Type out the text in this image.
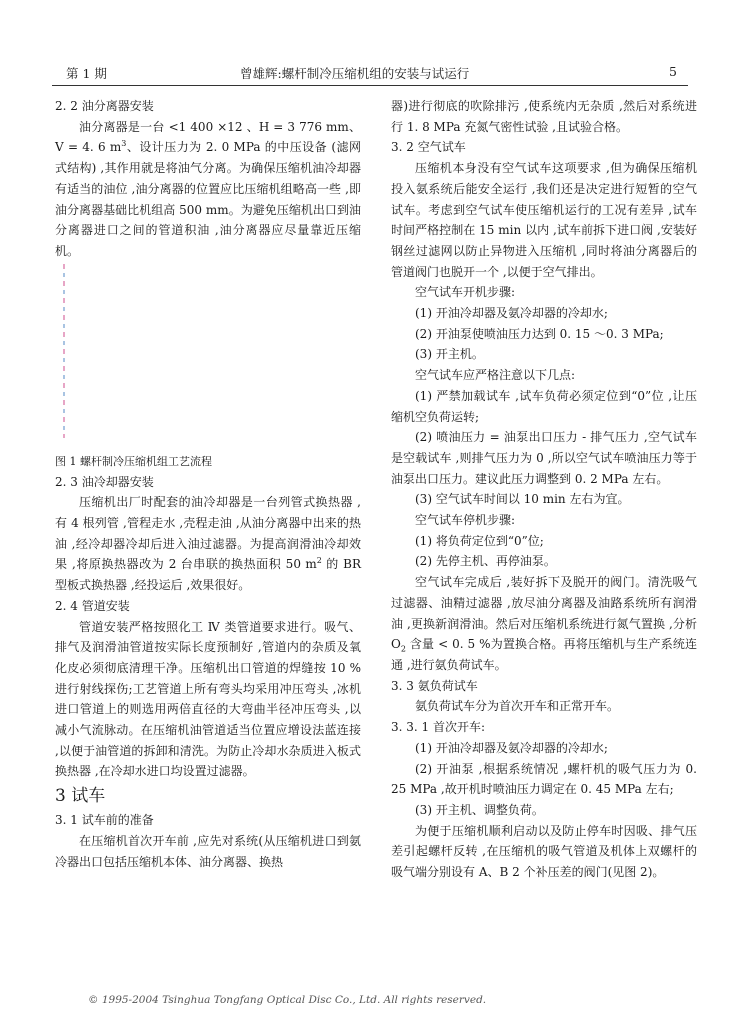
第 1 期	曾雄辉:螺杆制冷压缩机组的安装与试运行	5

2. 2 油分离器安装

油分离器是一台 <1 400 ×12 、H = 3 776 mm、V = 4. 6 $m^3$、设计压力为 2. 0 MPa 的中压设备 (滤网式结构) ,其作用就是将油气分离。为确保压缩机油冷却器有适当的油位 ,油分离器的位置应比压缩机组略高一些 ,即油分离器基础比机组高 500 mm。为避免压缩机出口到油分离器进口之间的管道积油 ,油分离器应尽量靠近压缩机。

图 1 螺杆制冷压缩机组工艺流程

2. 3 油冷却器安装

压缩机出厂时配套的油冷却器是一台列管式换热器 ,有 4 根列管 ,管程走水 ,壳程走油 ,从油分离器中出来的热油 ,经冷却器冷却后进入油过滤器。为提高润滑油冷却效果 ,将原换热器改为 2 台串联的换热面积 50 $m^2$ 的 BR 型板式换热器 ,经投运后 ,效果很好。

2. 4 管道安装

管道安装严格按照化工 Ⅳ 类管道要求进行。吸气、排气及润滑油管道按实际长度预制好 ,管道内的杂质及氧化皮必须彻底清理干净。压缩机出口管道的焊缝按 10 %进行射线探伤;工艺管道上所有弯头均采用冲压弯头 ,冰机进口管道上的则选用两倍直径的大弯曲半径冲压弯头 ,以减小气流脉动。在压缩机油管道适当位置应增设法蓝连接 ,以便于油管道的拆卸和清洗。为防止冷却水杂质进入板式换热器 ,在冷却水进口均设置过滤器。

3 试车

3. 1 试车前的准备

在压缩机首次开车前 ,应先对系统(从压缩机进口到氨冷器出口包括压缩机本体、油分离器、换热

器)进行彻底的吹除排污 ,使系统内无杂质 ,然后对系统进行 1. 8 MPa 充氮气密性试验 ,且试验合格。

3. 2 空气试车

压缩机本身没有空气试车这项要求 ,但为确保压缩机投入氨系统后能安全运行 ,我们还是决定进行短暂的空气试车。考虑到空气试车使压缩机运行的工况有差异 ,试车时间严格控制在 15 min 以内 ,试车前拆下进口阀 ,安装好钢丝过滤网以防止异物进入压缩机 ,同时将油分离器后的管道阀门也脱开一个 ,以便于空气排出。

空气试车开机步骤:

(1) 开油冷却器及氨冷却器的冷却水;

(2) 开油泵使喷油压力达到 0. 15 ～0. 3 MPa;

(3) 开主机。

空气试车应严格注意以下几点:

(1) 严禁加载试车 ,试车负荷必须定位到“0”位 ,让压缩机空负荷运转;

(2) 喷油压力 = 油泵出口压力 - 排气压力 ,空气试车是空载试车 ,则排气压力为 0 ,所以空气试车喷油压力等于油泵出口压力。建议此压力调整到 0. 2 MPa 左右。

(3) 空气试车时间以 10 min 左右为宜。

空气试车停机步骤:

(1) 将负荷定位到“0”位;

(2) 先停主机、再停油泵。

空气试车完成后 ,装好拆下及脱开的阀门。清洗吸气过滤器、油精过滤器 ,放尽油分离器及油路系统所有润滑油 ,更换新润滑油。然后对压缩机系统进行氮气置换 ,分析 $O_2$ 含量 < 0. 5 %为置换合格。再将压缩机与生产系统连通 ,进行氨负荷试车。

3. 3 氨负荷试车

氨负荷试车分为首次开车和正常开车。

3. 3. 1 首次开车:

(1) 开油冷却器及氨冷却器的冷却水;

(2) 开油泵 ,根据系统情况 ,螺杆机的吸气压力为 0. 25 MPa ,故开机时喷油压力调定在 0. 45 MPa 左右;

(3) 开主机、调整负荷。

为便于压缩机顺利启动以及防止停车时因吸、排气压差引起螺杆反转 ,在压缩机的吸气管道及机体上双螺杆的吸气端分别设有 A、B 2 个补压差的阀门(见图 2)。

© 1995-2004 Tsinghua Tongfang Optical Disc Co., Ltd. All rights reserved.
